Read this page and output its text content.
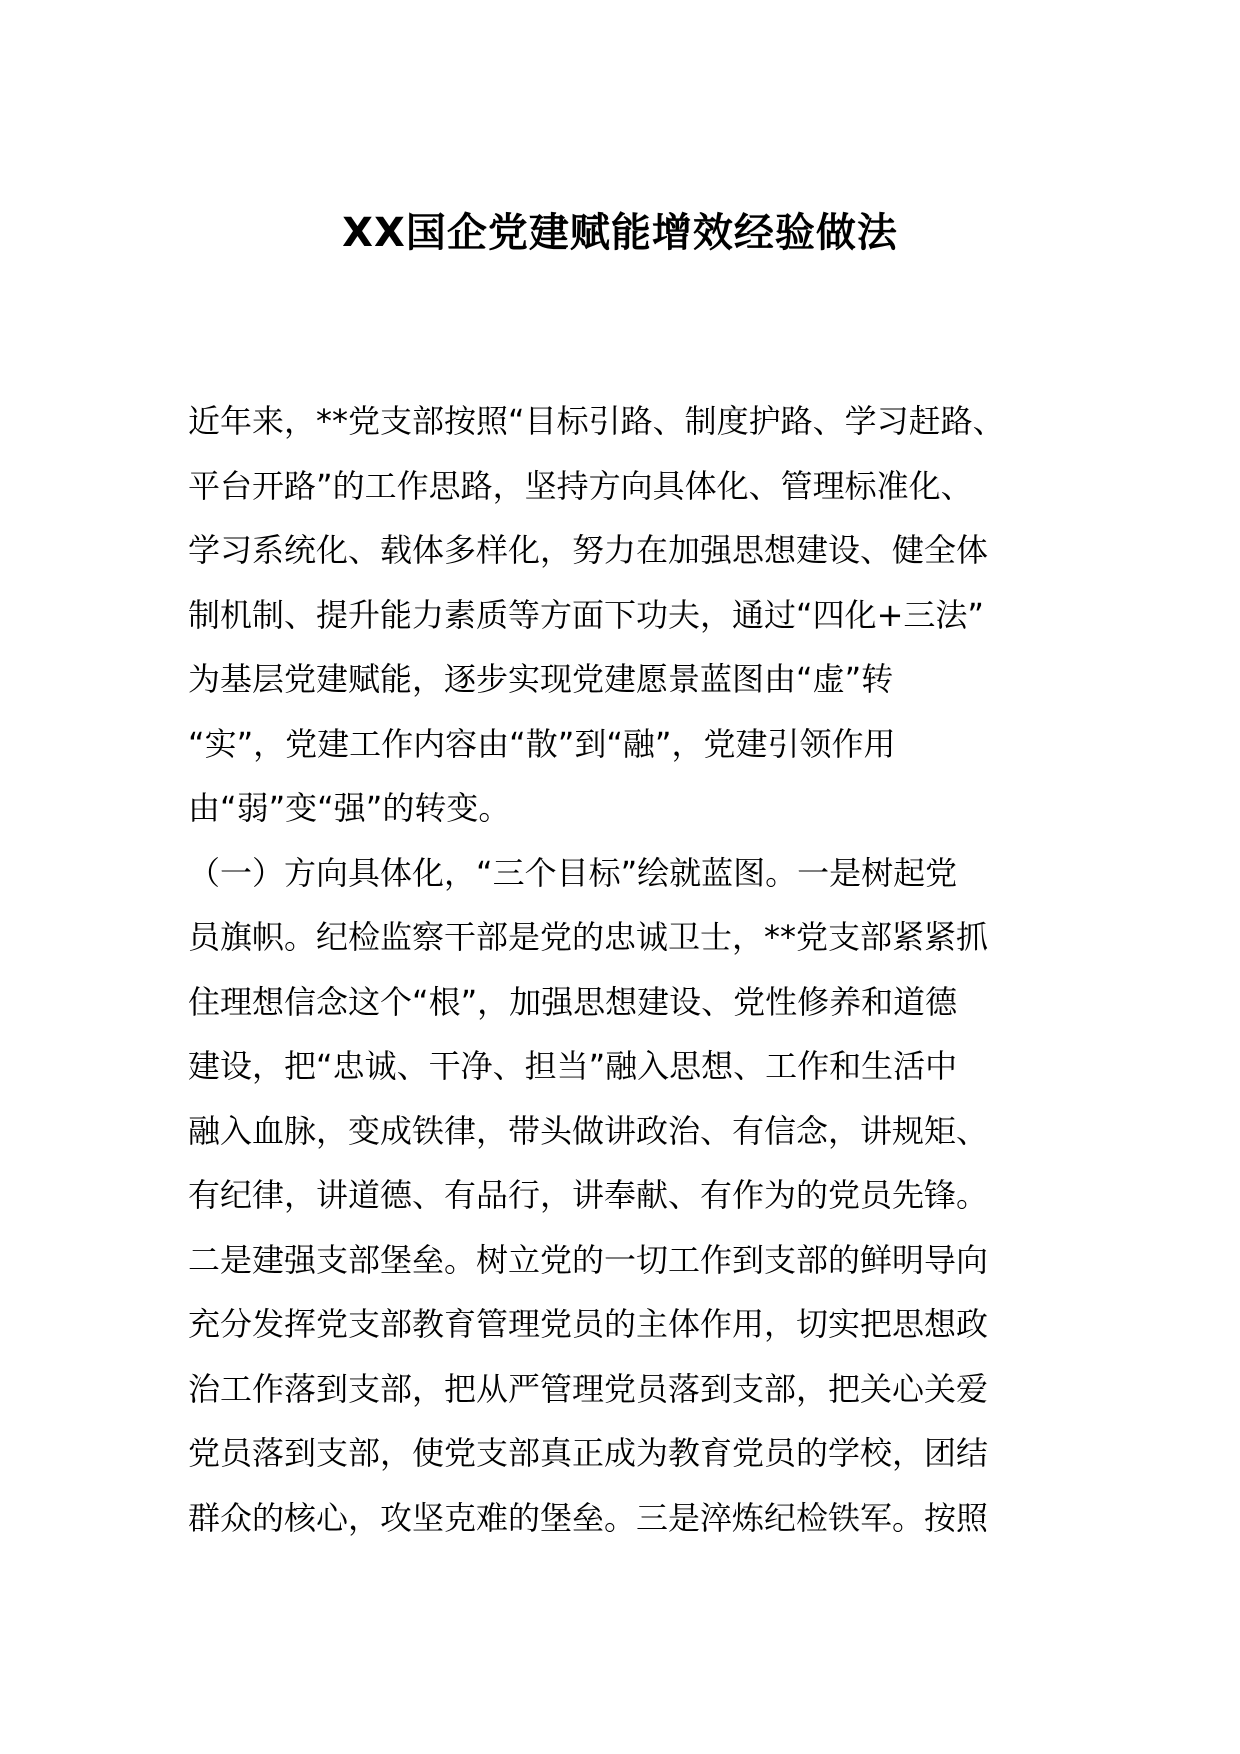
XX国企党建赋能增效经验做法
近年来，**党支部按照“目标引路、制度护路、学习赶路、
平台开路”的工作思路，坚持方向具体化、管理标准化、
学习系统化、载体多样化，努力在加强思想建设、健全体
制机制、提升能力素质等方面下功夫，通过“四化+三法”
为基层党建赋能，逐步实现党建愿景蓝图由“虚”转
“实”，党建工作内容由“散”到“融”，党建引领作用
由“弱”变“强”的转变。
（一）方向具体化，“三个目标”绘就蓝图。一是树起党
员旗帜。纪检监察干部是党的忠诚卫士，**党支部紧紧抓
住理想信念这个“根”，加强思想建设、党性修养和道德
建设，把“忠诚、干净、担当”融入思想、工作和生活中
融入血脉，变成铁律，带头做讲政治、有信念，讲规矩、
有纪律，讲道德、有品行，讲奉献、有作为的党员先锋。
二是建强支部堡垒。树立党的一切工作到支部的鲜明导向
充分发挥党支部教育管理党员的主体作用，切实把思想政
治工作落到支部，把从严管理党员落到支部，把关心关爱
党员落到支部，使党支部真正成为教育党员的学校，团结
群众的核心，攻坚克难的堡垒。三是淬炼纪检铁军。按照
